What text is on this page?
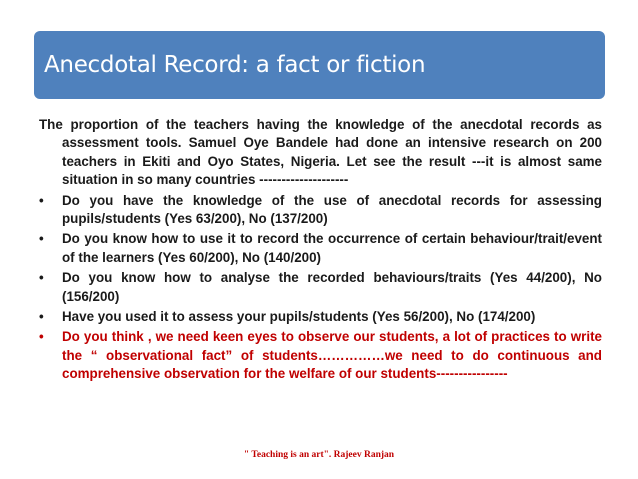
Anecdotal Record: a fact or fiction

The proportion of the teachers having the knowledge of the anecdotal records as assessment tools. Samuel Oye Bandele had done an intensive research on 200 teachers in Ekiti and Oyo States, Nigeria. Let see the result ---it is almost same situation in so many countries --------------------

• Do you have the knowledge of the use of anecdotal records for assessing pupils/students (Yes 63/200), No (137/200)
• Do you know how to use it to record the occurrence of certain behaviour/trait/event of the learners (Yes 60/200), No (140/200)
• Do you know how to analyse the recorded behaviours/traits (Yes 44/200), No (156/200)
• Have you used it to assess your pupils/students (Yes 56/200), No (174/200)
• Do you think , we need keen eyes to observe our students, a lot of practices to write the “ observational fact” of students……………we need to do continuous and comprehensive observation for the welfare of our students----------------
" Teaching is an art". Rajeev Ranjan
